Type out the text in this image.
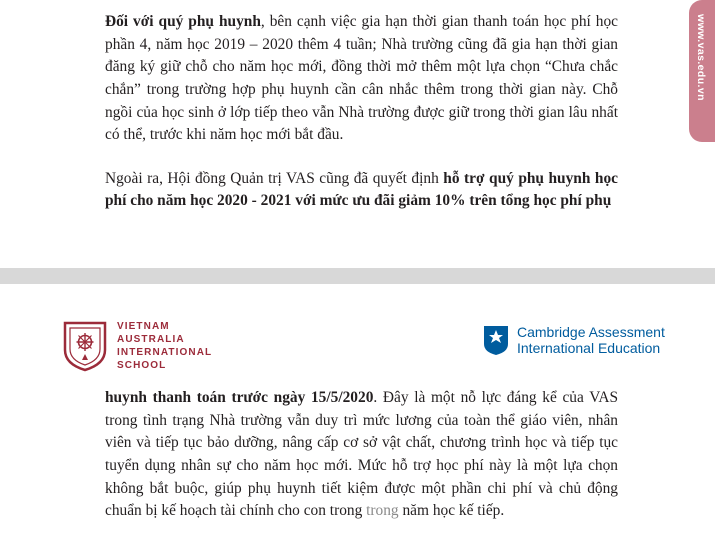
Đối với quý phụ huynh, bên cạnh việc gia hạn thời gian thanh toán học phí học phần 4, năm học 2019 – 2020 thêm 4 tuần; Nhà trường cũng đã gia hạn thời gian đăng ký giữ chỗ cho năm học mới, đồng thời mở thêm một lựa chọn “Chưa chắc chắn” trong trường hợp phụ huynh cần cân nhắc thêm trong thời gian này. Chỗ ngồi của học sinh ở lớp tiếp theo vẫn Nhà trường được giữ trong thời gian lâu nhất có thể, trước khi năm học mới bắt đầu.

Ngoài ra, Hội đồng Quản trị VAS cũng đã quyết định hỗ trợ quý phụ huynh học phí cho năm học 2020 - 2021 với mức ưu đãi giảm 10% trên tổng học phí phụ

www.vas.edu.vn
VIETNAM
AUSTRALIA
INTERNATIONAL
SCHOOL
Cambridge Assessment
International Education

huynh thanh toán trước ngày 15/5/2020. Đây là một nỗ lực đáng kể của VAS trong tình trạng Nhà trường vẫn duy trì mức lương của toàn thể giáo viên, nhân viên và tiếp tục bảo dưỡng, nâng cấp cơ sở vật chất, chương trình học và tiếp tục tuyển dụng nhân sự cho năm học mới. Mức hỗ trợ học phí này là một lựa chọn không bắt buộc, giúp phụ huynh tiết kiệm được một phần chi phí và chủ động chuẩn bị kế hoạch tài chính cho con trong trong năm học kế tiếp.
